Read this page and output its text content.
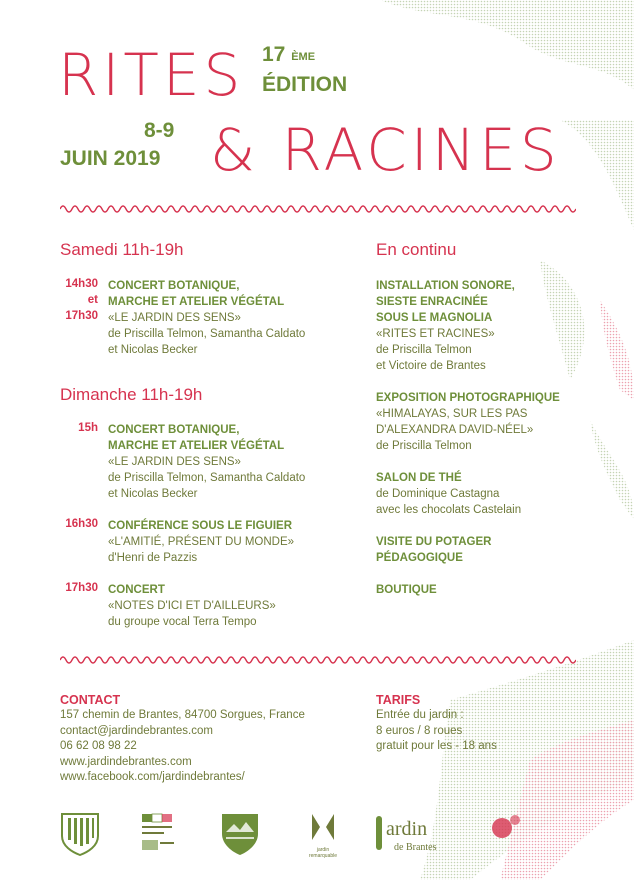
RITES 17 $^{ÈME}$
ÉDITION
8-9
JUIN 2019 & RACINES
Samedi 11h-19h
14h30
et
17h30
CONCERT BOTANIQUE,
MARCHE ET ATELIER VÉGÉTAL
«LE JARDIN DES SENS»
de Priscilla Telmon, Samantha Caldato
et Nicolas Becker
Dimanche 11h-19h
15h CONCERT BOTANIQUE,
MARCHE ET ATELIER VÉGÉTAL
«LE JARDIN DES SENS»
de Priscilla Telmon, Samantha Caldato
et Nicolas Becker
16h30 CONFÉRENCE SOUS LE FIGUIER
«L'AMITIÉ, PRÉSENT DU MONDE»
d'Henri de Pazzis
17h30 CONCERT
«NOTES D'ICI ET D'AILLEURS»
du groupe vocal Terra Tempo
En continu
INSTALLATION SONORE,
SIESTE ENRACINÉE
SOUS LE MAGNOLIA
«RITES ET RACINES»
de Priscilla Telmon
et Victoire de Brantes
EXPOSITION PHOTOGRAPHIQUE
«HIMALAYAS, SUR LES PAS
D'ALEXANDRA DAVID-NÉEL»
de Priscilla Telmon
SALON DE THÉ
de Dominique Castagna
avec les chocolats Castelain
VISITE DU POTAGER
PÉDAGOGIQUE
BOUTIQUE
CONTACT
157 chemin de Brantes, 84700 Sorgues, France
contact@jardindebrantes.com
06 62 08 98 22
www.jardindebrantes.com
www.facebook.com/jardindebrantes/
TARIFS
Entrée du jardin :
8 euros / 8 roues
gratuit pour les - 18 ans
jardin remarquable
ardin
de Brantes
